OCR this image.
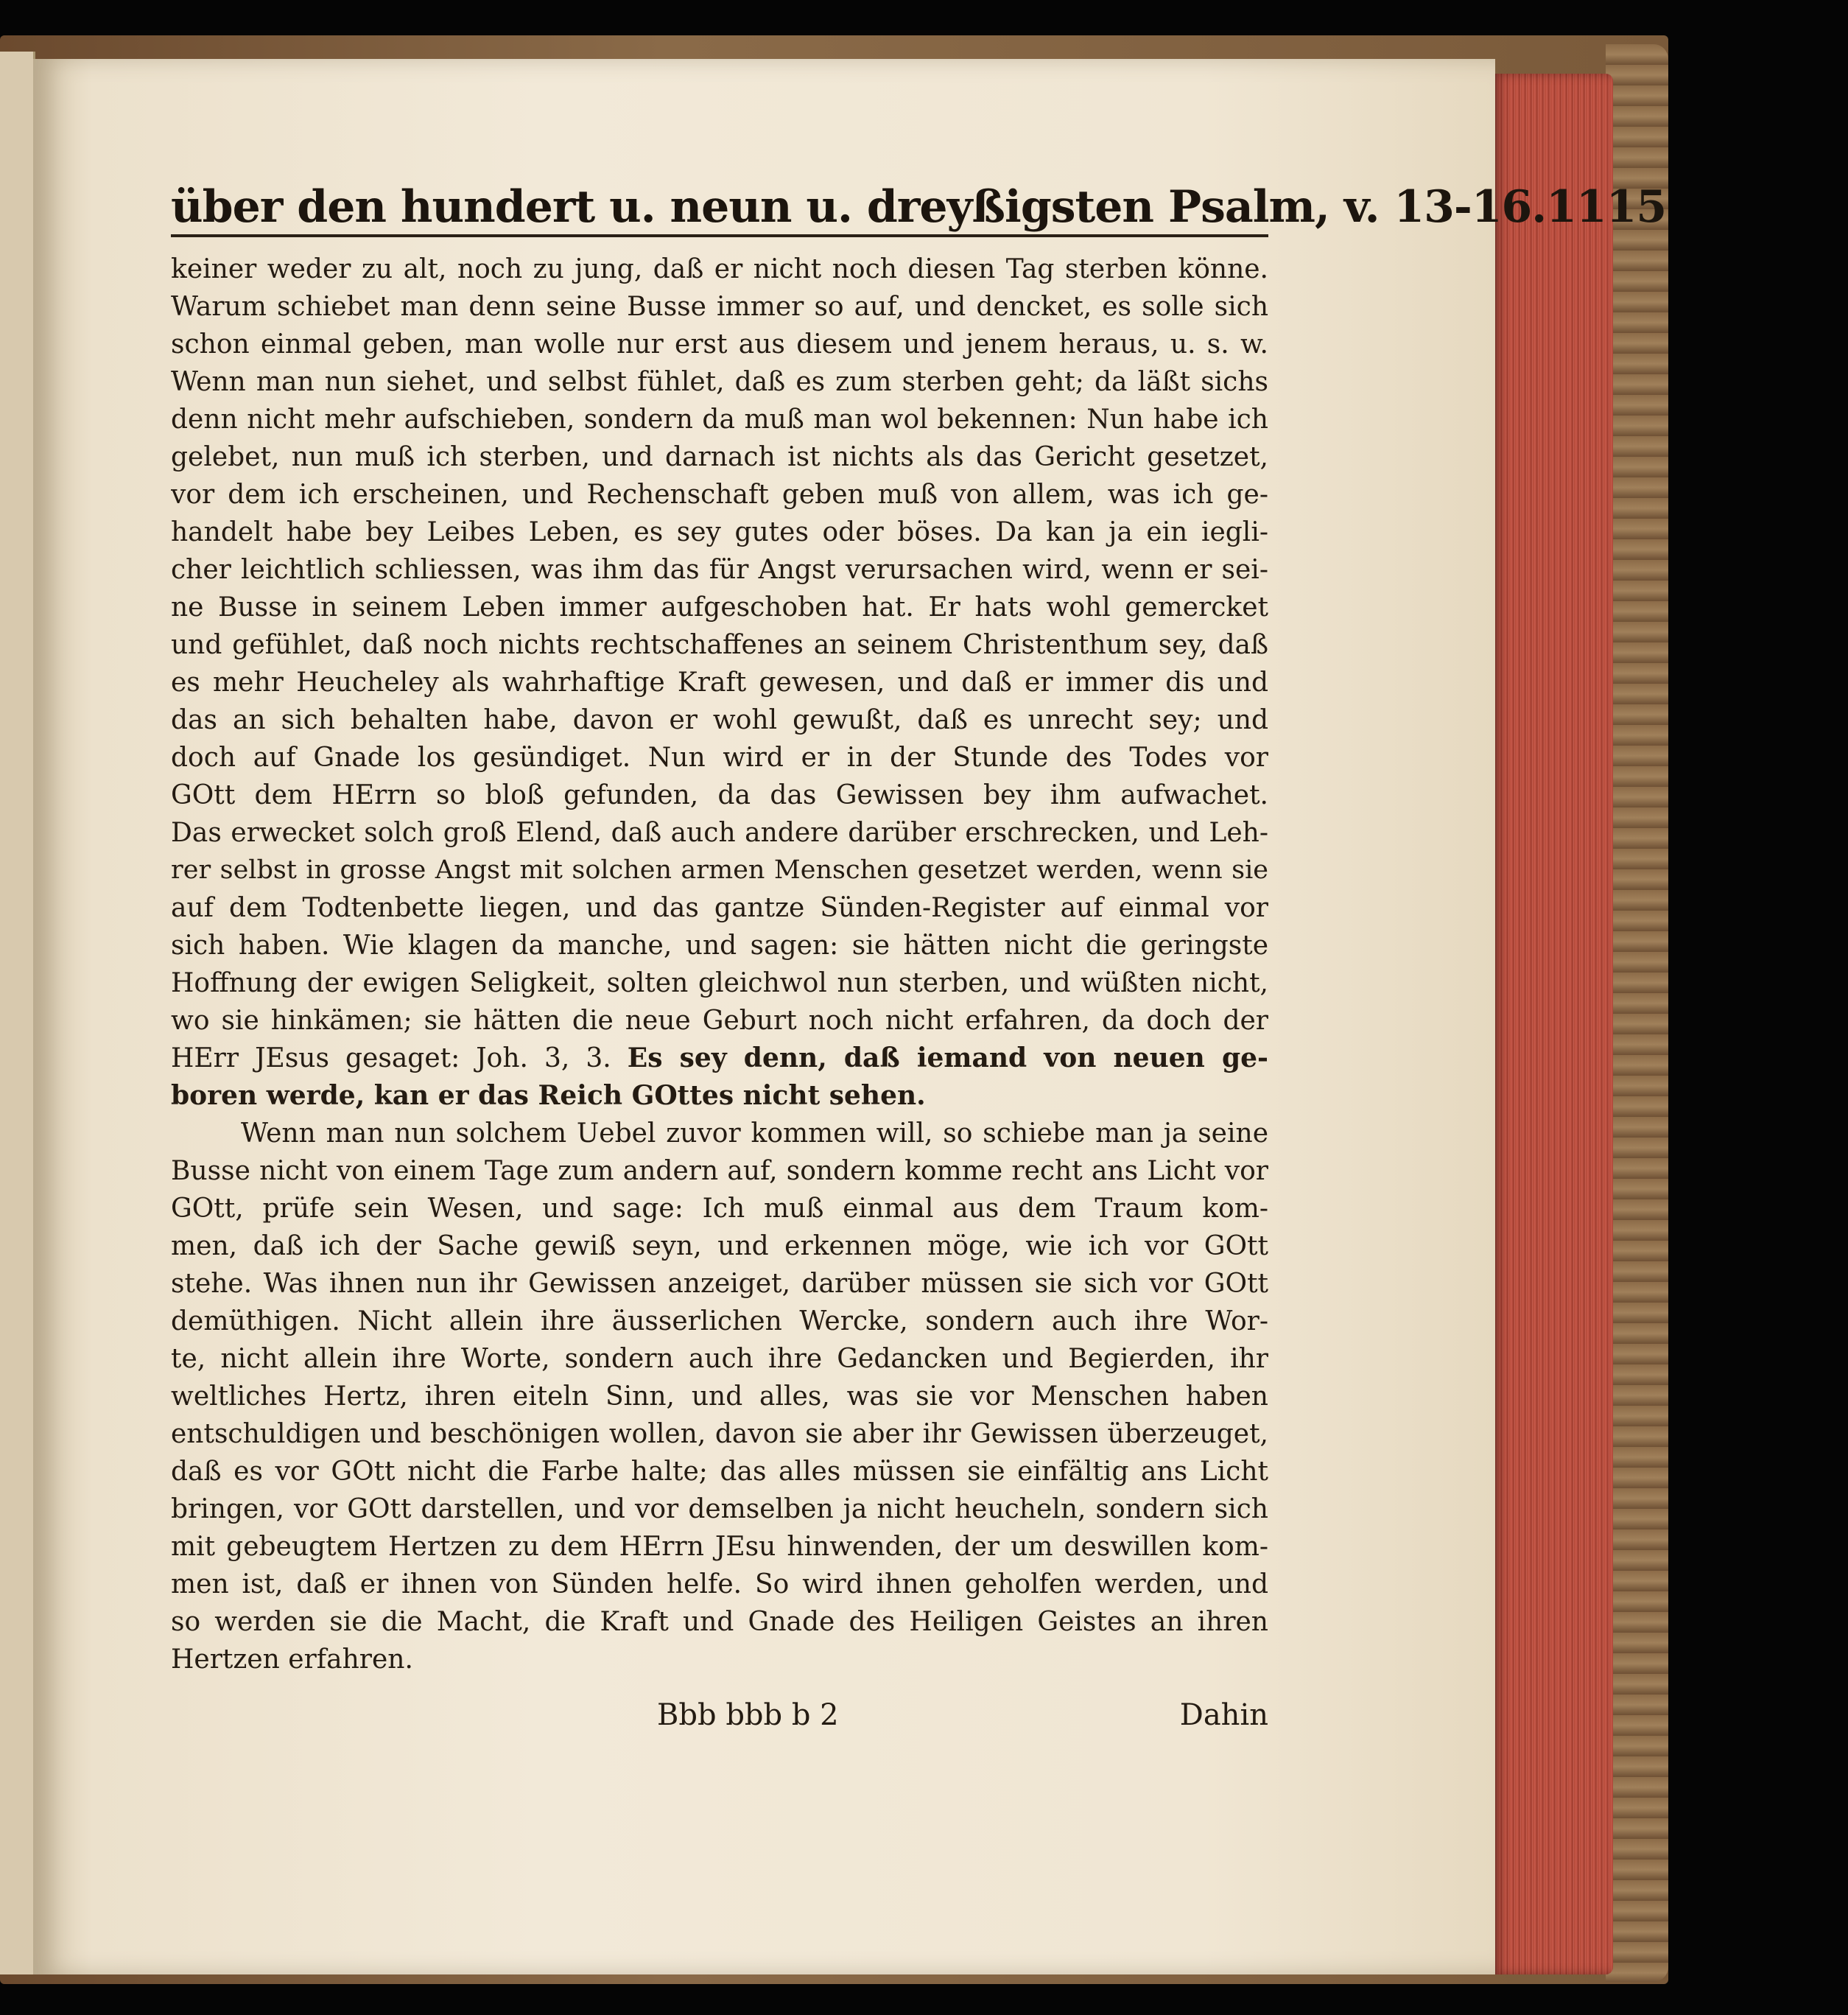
über den hundert u. neun u. dreyßigsten Psalm, v. 13-16. 1115
keiner weder zu alt, noch zu jung, daß er nicht noch diesen Tag sterben könne.
Warum schiebet man denn seine Busse immer so auf, und dencket, es solle sich
schon einmal geben, man wolle nur erst aus diesem und jenem heraus, u. s. w.
Wenn man nun siehet, und selbst fühlet, daß es zum sterben geht; da läßt sichs
denn nicht mehr aufschieben, sondern da muß man wol bekennen: Nun habe ich
gelebet, nun muß ich sterben, und darnach ist nichts als das Gericht gesetzet,
vor dem ich erscheinen, und Rechenschaft geben muß von allem, was ich ge-
handelt habe bey Leibes Leben, es sey gutes oder böses. Da kan ja ein iegli-
cher leichtlich schliessen, was ihm das für Angst verursachen wird, wenn er sei-
ne Busse in seinem Leben immer aufgeschoben hat. Er hats wohl gemercket
und gefühlet, daß noch nichts rechtschaffenes an seinem Christenthum sey, daß
es mehr Heucheley als wahrhaftige Kraft gewesen, und daß er immer dis und
das an sich behalten habe, davon er wohl gewußt, daß es unrecht sey; und
doch auf Gnade los gesündiget. Nun wird er in der Stunde des Todes vor
GOtt dem HErrn so bloß gefunden, da das Gewissen bey ihm aufwachet.
Das erwecket solch groß Elend, daß auch andere darüber erschrecken, und Leh-
rer selbst in grosse Angst mit solchen armen Menschen gesetzet werden, wenn sie
auf dem Todtenbette liegen, und das gantze Sünden-Register auf einmal vor
sich haben. Wie klagen da manche, und sagen: sie hätten nicht die geringste
Hoffnung der ewigen Seligkeit, solten gleichwol nun sterben, und wüßten nicht,
wo sie hinkämen; sie hätten die neue Geburt noch nicht erfahren, da doch der
HErr JEsus gesaget: Joh. 3, 3. Es sey denn, daß iemand von neuen ge-
boren werde, kan er das Reich GOttes nicht sehen.
Wenn man nun solchem Uebel zuvor kommen will, so schiebe man ja seine
Busse nicht von einem Tage zum andern auf, sondern komme recht ans Licht vor
GOtt, prüfe sein Wesen, und sage: Ich muß einmal aus dem Traum kom-
men, daß ich der Sache gewiß seyn, und erkennen möge, wie ich vor GOtt
stehe. Was ihnen nun ihr Gewissen anzeiget, darüber müssen sie sich vor GOtt
demüthigen. Nicht allein ihre äusserlichen Wercke, sondern auch ihre Wor-
te, nicht allein ihre Worte, sondern auch ihre Gedancken und Begierden, ihr
weltliches Hertz, ihren eiteln Sinn, und alles, was sie vor Menschen haben
entschuldigen und beschönigen wollen, davon sie aber ihr Gewissen überzeuget,
daß es vor GOtt nicht die Farbe halte; das alles müssen sie einfältig ans Licht
bringen, vor GOtt darstellen, und vor demselben ja nicht heucheln, sondern sich
mit gebeugtem Hertzen zu dem HErrn JEsu hinwenden, der um deswillen kom-
men ist, daß er ihnen von Sünden helfe. So wird ihnen geholfen werden, und
so werden sie die Macht, die Kraft und Gnade des Heiligen Geistes an ihren
Hertzen erfahren.
Bbb bbb b 2	Dahin
